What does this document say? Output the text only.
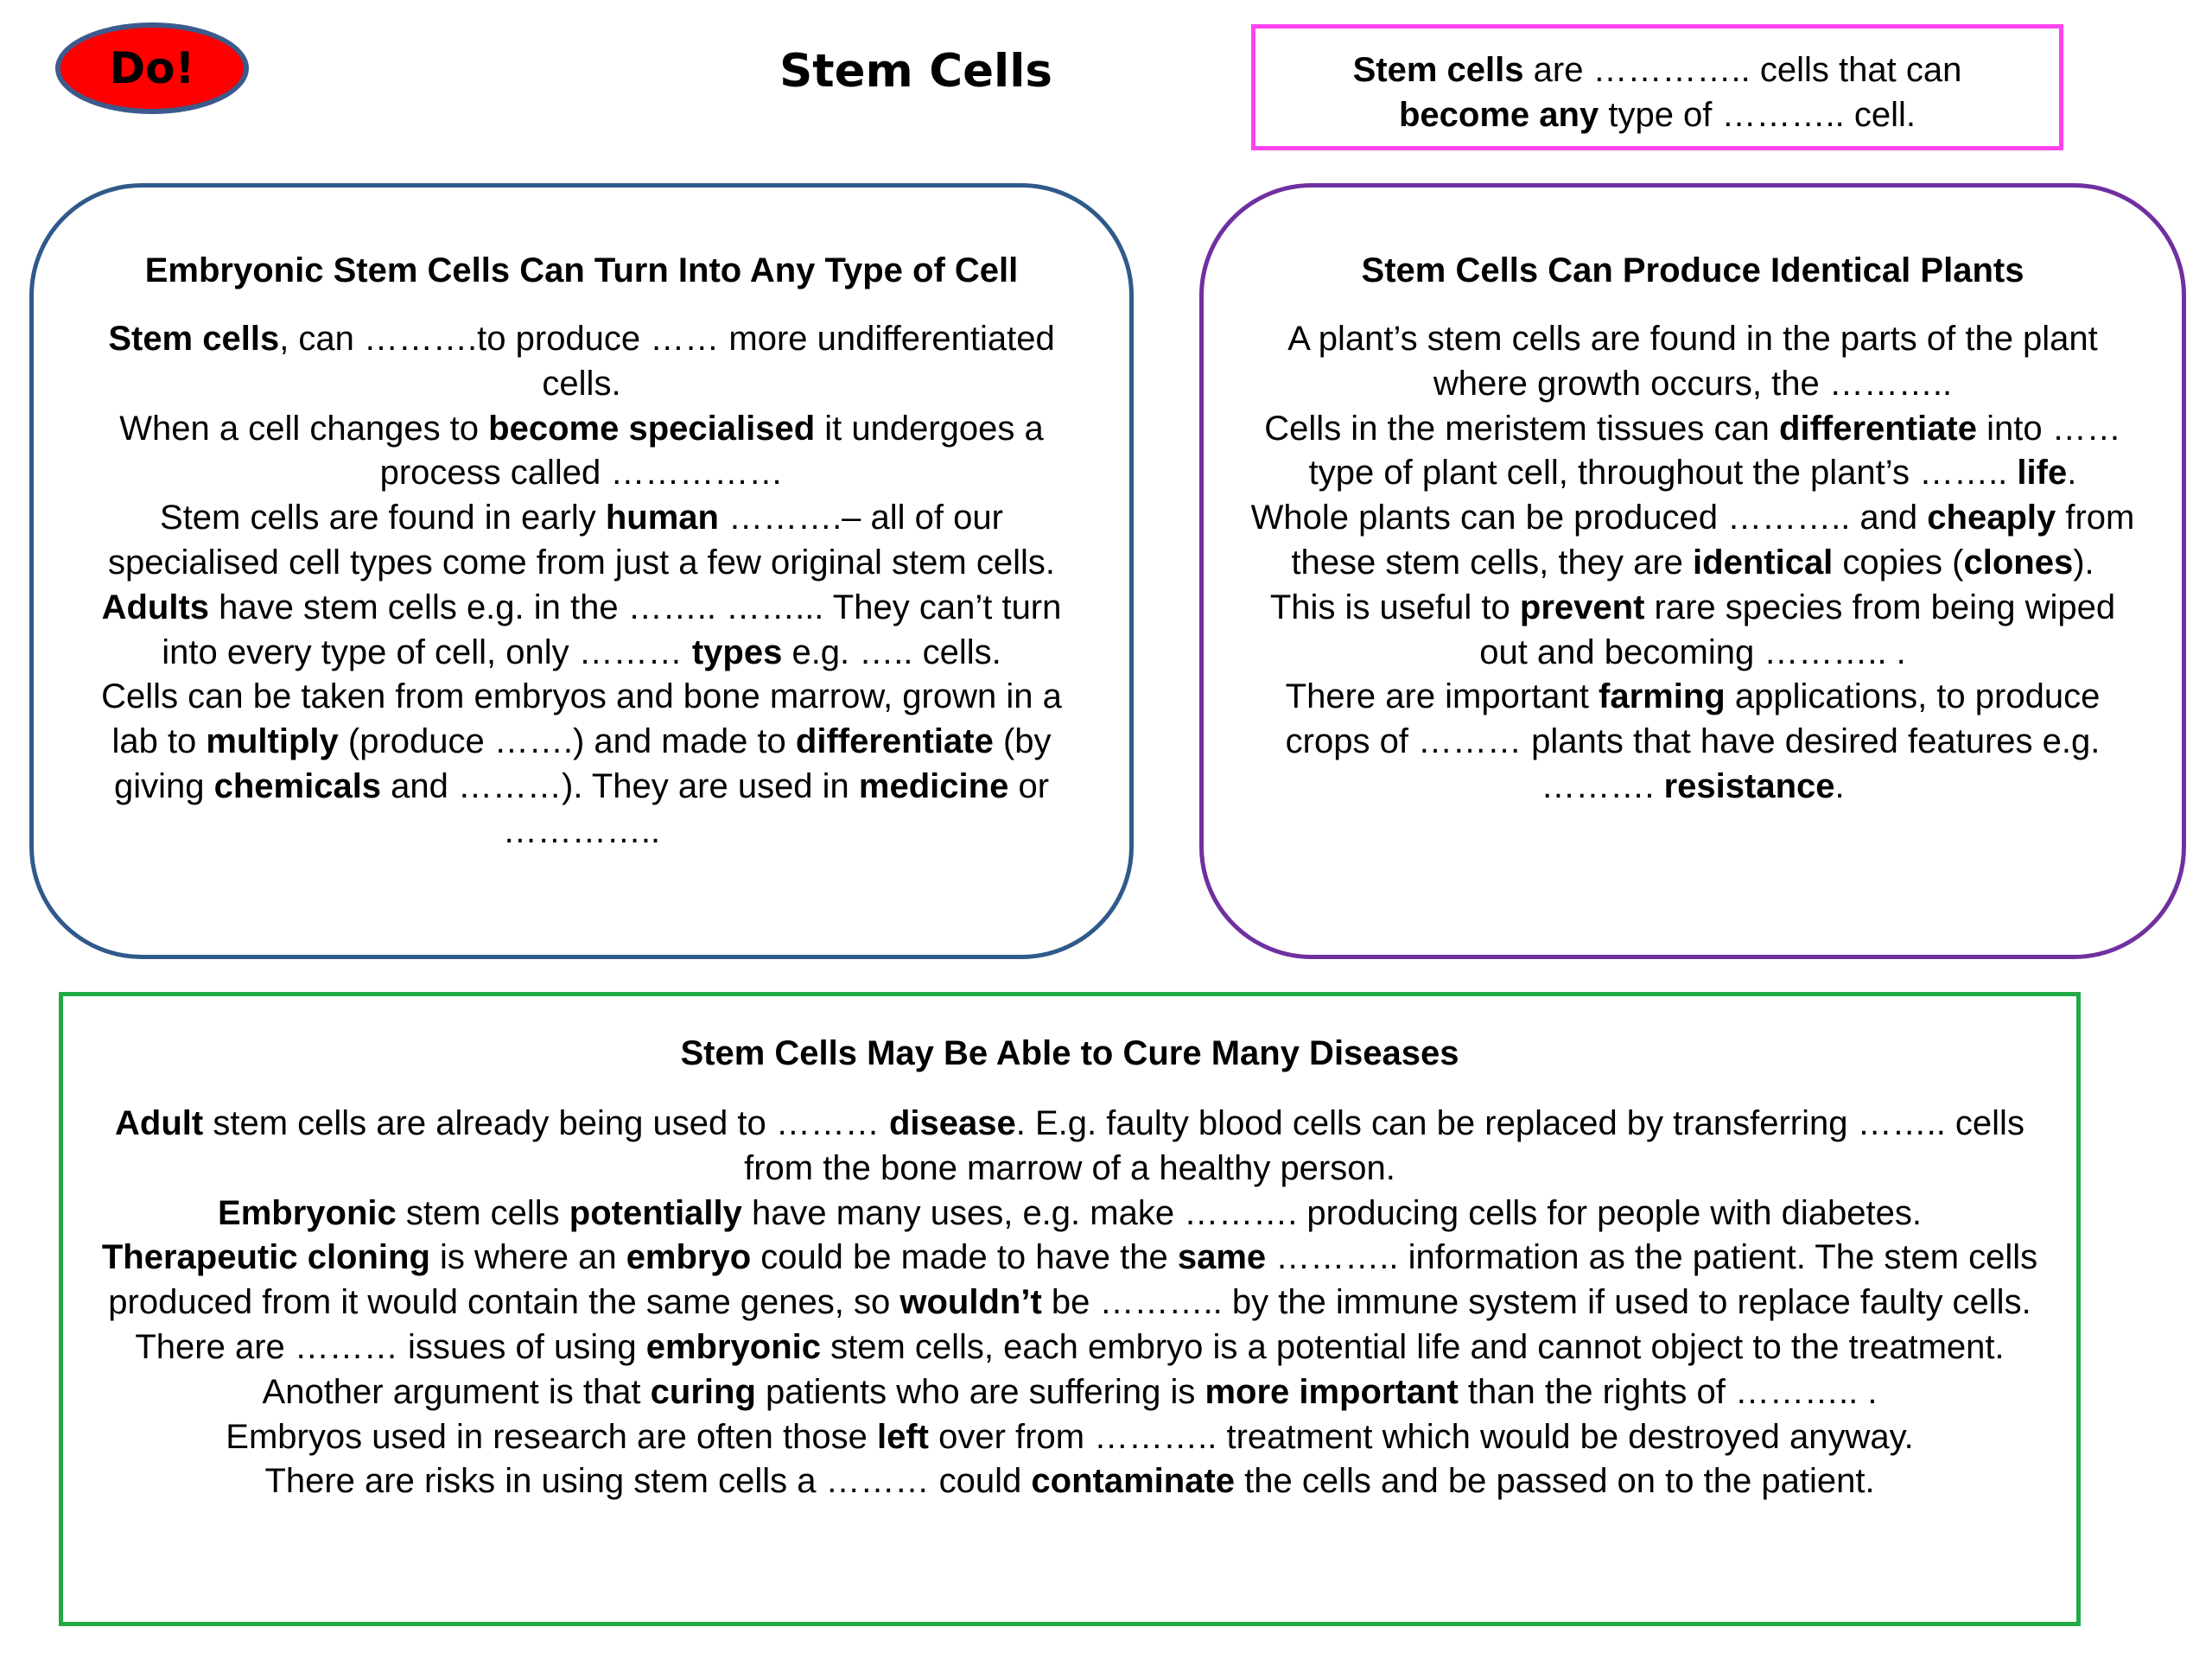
Do!	Stem Cells	Stem cells are ………….. cells that can
become any type of ……….. cell.
Embryonic Stem Cells Can Turn Into Any Type of Cell

Stem cells, can ……….to produce …… more undifferentiated cells.

When a cell changes to become specialised it undergoes a process called ……………

Stem cells are found in early human ……….– all of our specialised cell types come from just a few original stem cells.

Adults have stem cells e.g. in the …….. ……... They can’t turn into every type of cell, only ……… types e.g. ….. cells.

Cells can be taken from embryos and bone marrow, grown in a lab to multiply (produce …….) and made to differentiate (by giving chemicals and ………). They are used in medicine or …………..

Stem Cells Can Produce Identical Plants

A plant’s stem cells are found in the parts of the plant where growth occurs, the ………..

Cells in the meristem tissues can differentiate into …… type of plant cell, throughout the plant’s …….. life.

Whole plants can be produced ……….. and cheaply from these stem cells, they are identical copies (clones).

This is useful to prevent rare species from being wiped out and becoming ……….. .

There are important farming applications, to produce crops of ……… plants that have desired features e.g. ………. resistance.

Stem Cells May Be Able to Cure Many Diseases

Adult stem cells are already being used to ……… disease. E.g. faulty blood cells can be replaced by transferring …….. cells from the bone marrow of a healthy person.

Embryonic stem cells potentially have many uses, e.g. make ………. producing cells for people with diabetes.

Therapeutic cloning is where an embryo could be made to have the same ……….. information as the patient. The stem cells produced from it would contain the same genes, so wouldn’t be ……….. by the immune system if used to replace faulty cells.

There are ……… issues of using embryonic stem cells, each embryo is a potential life and cannot object to the treatment.

Another argument is that curing patients who are suffering is more important than the rights of ……….. .

Embryos used in research are often those left over from ……….. treatment which would be destroyed anyway.

There are risks in using stem cells a ……… could contaminate the cells and be passed on to the patient.
